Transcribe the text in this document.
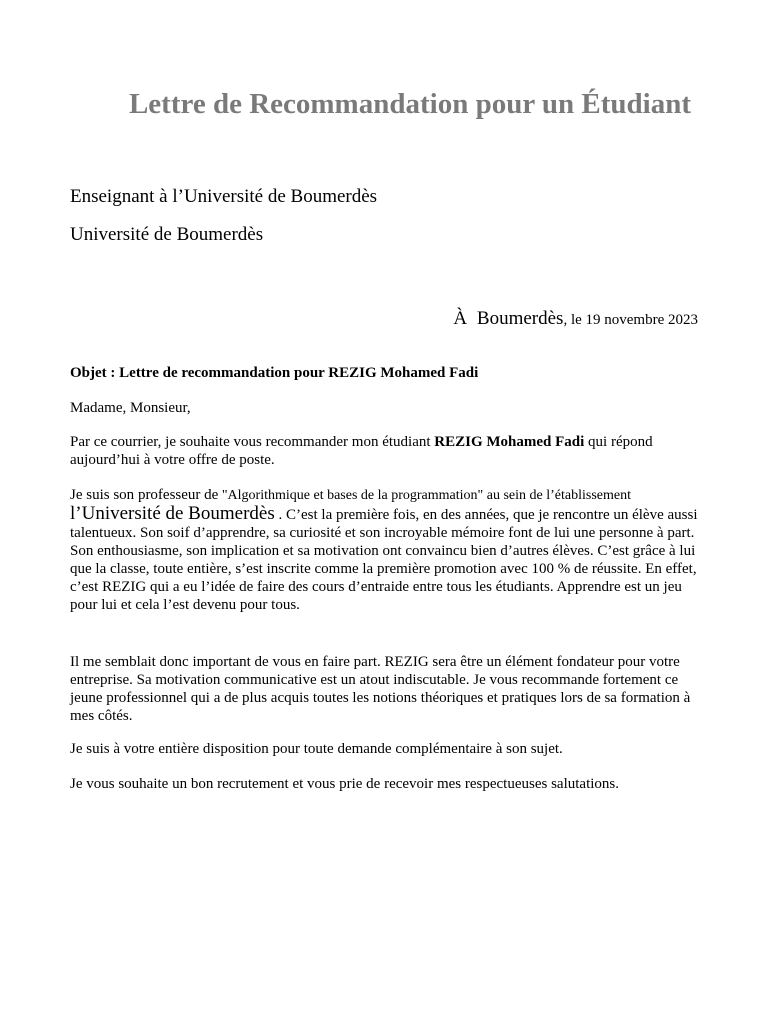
Lettre de Recommandation pour un Étudiant

Enseignant à l’Université de Boumerdès

Université de Boumerdès

À Boumerdès, le 19 novembre 2023

Objet : Lettre de recommandation pour REZIG Mohamed Fadi

Madame, Monsieur,

Par ce courrier, je souhaite vous recommander mon étudiant REZIG Mohamed Fadi qui répond aujourd’hui à votre offre de poste.

Je suis son professeur de "Algorithmique et bases de la programmation" au sein de l’établissement l’Université de Boumerdès . C’est la première fois, en des années, que je rencontre un élève aussi talentueux. Son soif d’apprendre, sa curiosité et son incroyable mémoire font de lui une personne à part. Son enthousiasme, son implication et sa motivation ont convaincu bien d’autres élèves. C’est grâce à lui que la classe, toute entière, s’est inscrite comme la première promotion avec 100 % de réussite. En effet, c’est REZIG qui a eu l’idée de faire des cours d’entraide entre tous les étudiants. Apprendre est un jeu pour lui et cela l’est devenu pour tous.

Il me semblait donc important de vous en faire part. REZIG sera être un élément fondateur pour votre entreprise. Sa motivation communicative est un atout indiscutable. Je vous recommande fortement ce jeune professionnel qui a de plus acquis toutes les notions théoriques et pratiques lors de sa formation à mes côtés.

Je suis à votre entière disposition pour toute demande complémentaire à son sujet.

Je vous souhaite un bon recrutement et vous prie de recevoir mes respectueuses salutations.
